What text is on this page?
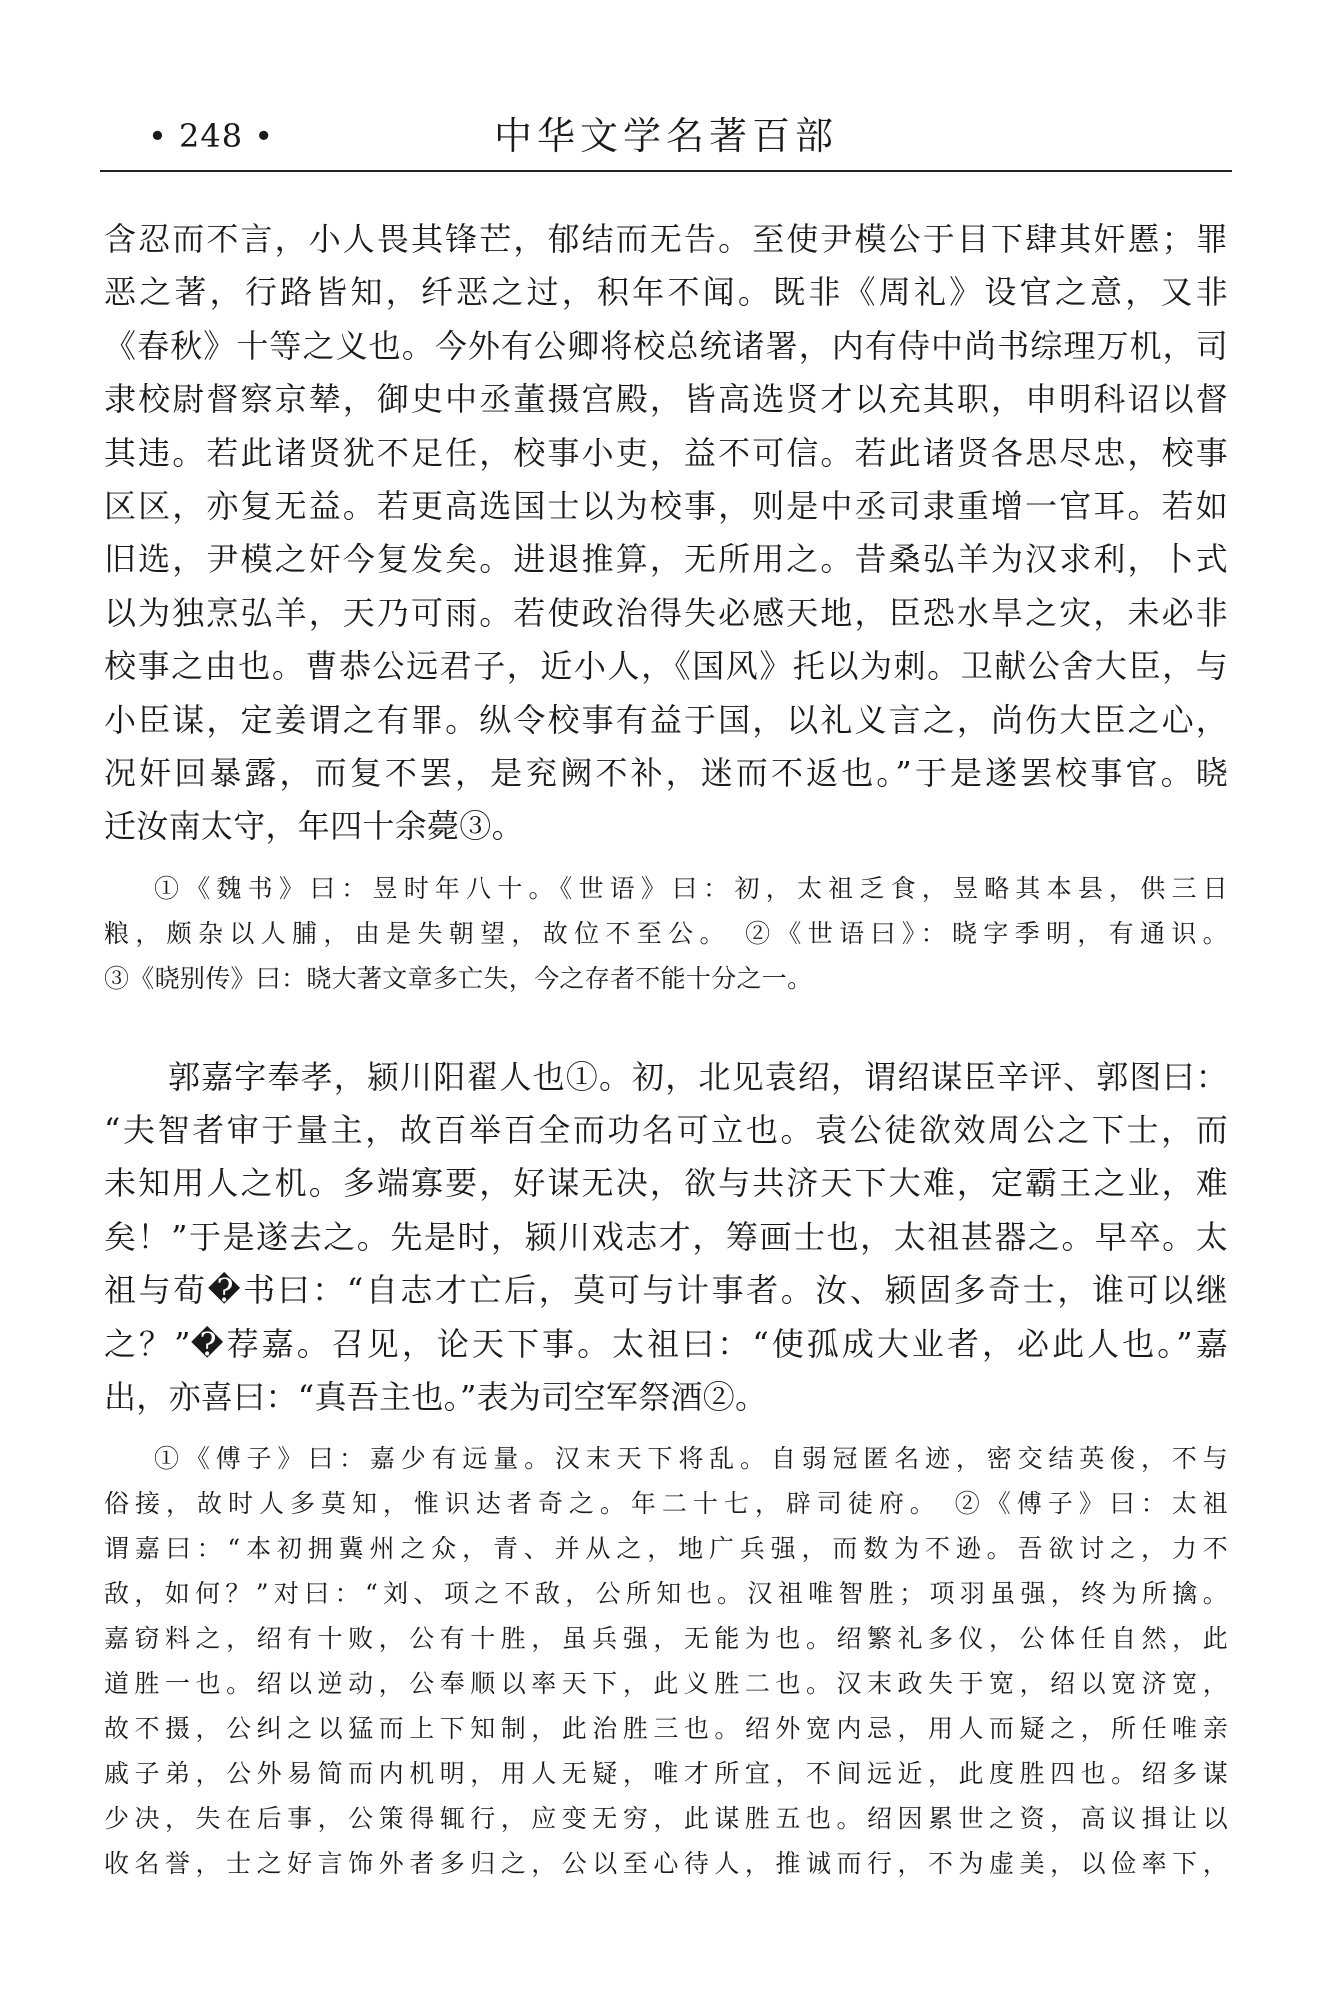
• 248 •	中华文学名著百部
含忍而不言，小人畏其锋芒，郁结而无告。至使尹模公于目下肆其奸慝；罪
恶之著，行路皆知，纤恶之过，积年不闻。既非《周礼》设官之意，又非
《春秋》十等之义也。今外有公卿将校总统诸署，内有侍中尚书综理万机，司
隶校尉督察京辇，御史中丞董摄宫殿，皆高选贤才以充其职，申明科诏以督
其违。若此诸贤犹不足任，校事小吏，益不可信。若此诸贤各思尽忠，校事
区区，亦复无益。若更高选国士以为校事，则是中丞司隶重增一官耳。若如
旧选，尹模之奸今复发矣。进退推算，无所用之。昔桑弘羊为汉求利，卜式
以为独烹弘羊，天乃可雨。若使政治得失必感天地，臣恐水旱之灾，未必非
校事之由也。曹恭公远君子，近小人，《国风》托以为刺。卫献公舍大臣，与
小臣谋，定姜谓之有罪。纵令校事有益于国，以礼义言之，尚伤大臣之心，
况奸回暴露，而复不罢，是兖阙不补，迷而不返也。”于是遂罢校事官。晓
迁汝南太守，年四十余薨③。
①《魏书》曰：昱时年八十。《世语》曰：初，太祖乏食，昱略其本县，供三日
粮，颇杂以人脯，由是失朝望，故位不至公。 ②《世语曰》：晓字季明，有通识。
③《晓别传》曰：晓大著文章多亡失，今之存者不能十分之一。
郭嘉字奉孝，颍川阳翟人也①。初，北见袁绍，谓绍谋臣辛评、郭图曰：
“夫智者审于量主，故百举百全而功名可立也。袁公徒欲效周公之下士，而
未知用人之机。多端寡要，好谋无决，欲与共济天下大难，定霸王之业，难
矣！”于是遂去之。先是时，颍川戏志才，筹画士也，太祖甚器之。早卒。太
祖与荀�书曰：“自志才亡后，莫可与计事者。汝、颍固多奇士，谁可以继
之？”�荐嘉。召见，论天下事。太祖曰：“使孤成大业者，必此人也。”嘉
出，亦喜曰：“真吾主也。”表为司空军祭酒②。
①《傅子》曰：嘉少有远量。汉末天下将乱。自弱冠匿名迹，密交结英俊，不与
俗接，故时人多莫知，惟识达者奇之。年二十七，辟司徒府。 ②《傅子》曰：太祖
谓嘉曰：“本初拥冀州之众，青、并从之，地广兵强，而数为不逊。吾欲讨之，力不
敌，如何？”对曰：“刘、项之不敌，公所知也。汉祖唯智胜；项羽虽强，终为所擒。
嘉窃料之，绍有十败，公有十胜，虽兵强，无能为也。绍繁礼多仪，公体任自然，此
道胜一也。绍以逆动，公奉顺以率天下，此义胜二也。汉末政失于宽，绍以宽济宽，
故不摄，公纠之以猛而上下知制，此治胜三也。绍外宽内忌，用人而疑之，所任唯亲
戚子弟，公外易简而内机明，用人无疑，唯才所宜，不间远近，此度胜四也。绍多谋
少决，失在后事，公策得辄行，应变无穷，此谋胜五也。绍因累世之资，高议揖让以
收名誉，士之好言饰外者多归之，公以至心待人，推诚而行，不为虚美，以俭率下，
